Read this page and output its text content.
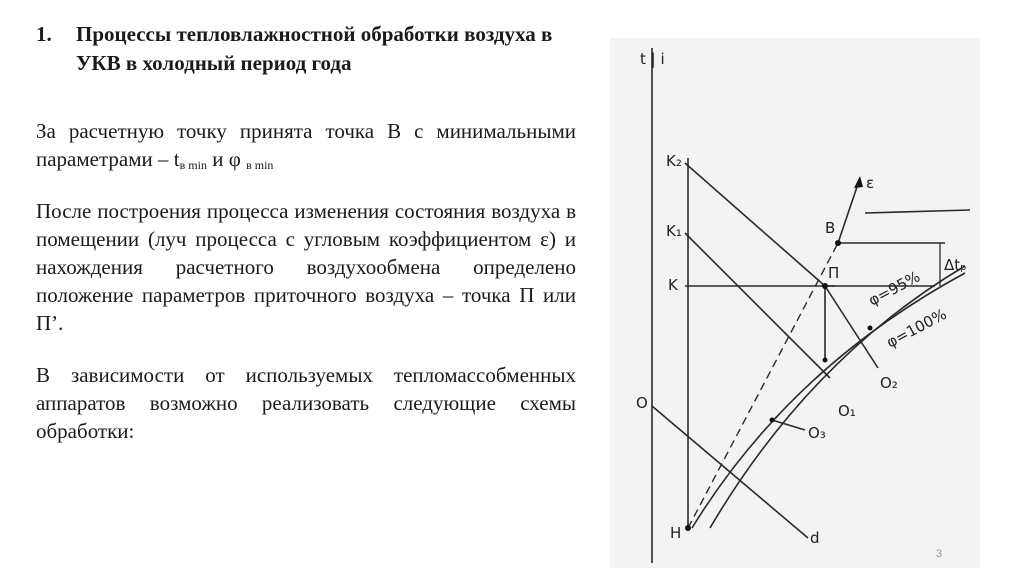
1. Процессы тепловлажностной обработки воздуха в УКВ в холодный период года

За расчетную точку принята точка В с минимальными параметрами – $t_{в min}$ и φ $_{в min}$

После построения процесса изменения состояния воздуха в помещении (луч процесса с угловым коэффициентом ε) и нахождения расчетного воздухообмена определено положение параметров приточного воздуха – точка П или П’.

В зависимости от используемых тепломассобменных аппаратов возможно реализовать следующие схемы обработки:

t | i
K₂
K₁
K
O
H
B
П
O₁
O₂
O₃
d
ε
Δtₚ
φ=95%
φ=100%
3
